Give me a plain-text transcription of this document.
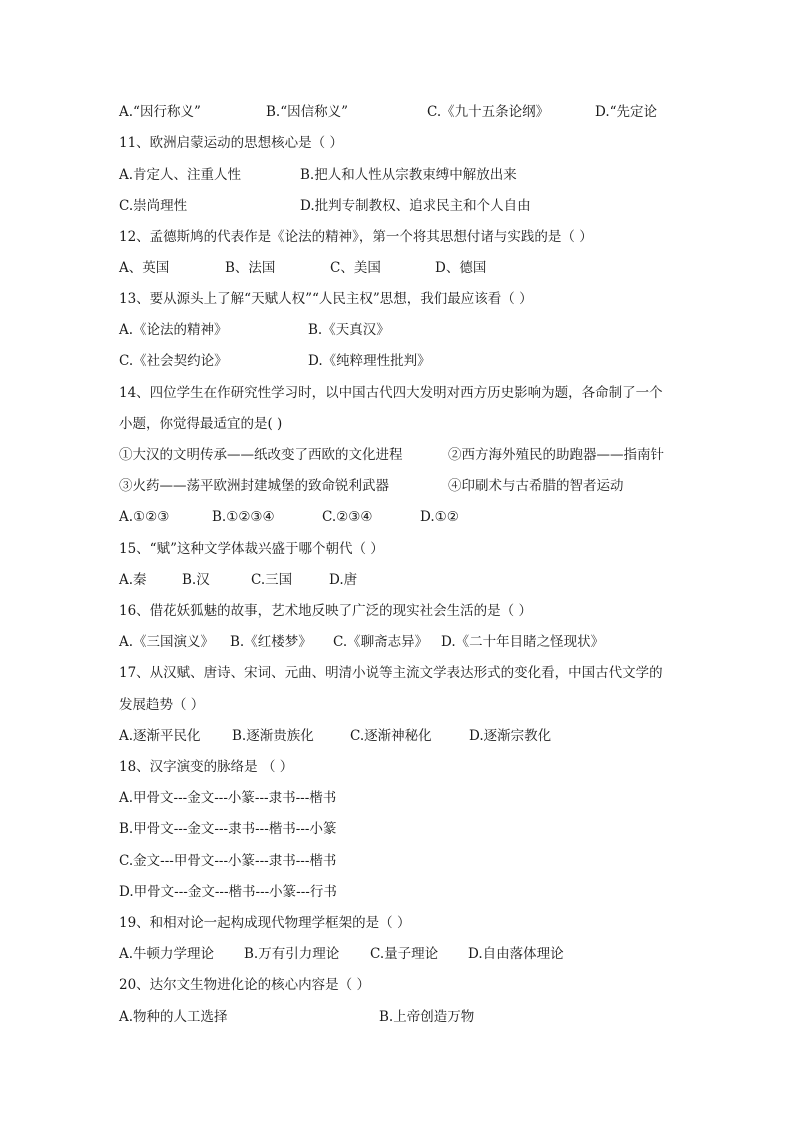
A.“因行称义”	B.“因信称义”	C.《九十五条论纲》	D.“先定论
11、欧洲启蒙运动的思想核心是（ ）
A.肯定人、注重人性	B.把人和人性从宗教束缚中解放出来
C.崇尚理性	D.批判专制教权、追求民主和个人自由
12、孟德斯鸠的代表作是《论法的精神》，第一个将其思想付诸与实践的是（ ）
A、英国	B、法国	C、美国	D、德国
13、要从源头上了解“天赋人权”“人民主权”思想，我们最应该看（ ）
A.《论法的精神》	B.《天真汉》
C.《社会契约论》	D.《纯粹理性批判》
14、四位学生在作研究性学习时，以中国古代四大发明对西方历史影响为题，各命制了一个
小题，你觉得最适宜的是( )
①大汉的文明传承——纸改变了西欧的文化进程	②西方海外殖民的助跑器——指南针
③火药——荡平欧洲封建城堡的致命锐利武器	④印刷术与古希腊的智者运动
A.①②③	B.①②③④	C.②③④	D.①②
15、“赋”这种文学体裁兴盛于哪个朝代（ ）
A.秦	B.汉	C.三国	D.唐
16、借花妖狐魅的故事，艺术地反映了广泛的现实社会生活的是（ ）
A.《三国演义》 B.《红楼梦》 C.《聊斋志异》 D.《二十年目睹之怪现状》
17、从汉赋、唐诗、宋词、元曲、明清小说等主流文学表达形式的变化看，中国古代文学的
发展趋势（ ）
A.逐渐平民化 B.逐渐贵族化	C.逐渐神秘化	D.逐渐宗教化
18、汉字演变的脉络是 （ ）
A.甲骨文---金文---小篆---隶书---楷书
B.甲骨文---金文---隶书---楷书---小篆
C.金文---甲骨文---小篆---隶书---楷书
D.甲骨文---金文---楷书---小篆---行书
19、和相对论一起构成现代物理学框架的是（ ）
A.牛顿力学理论 B.万有引力理论 C.量子理论 D.自由落体理论
20、达尔文生物进化论的核心内容是（ ）
A.物种的人工选择	B.上帝创造万物
